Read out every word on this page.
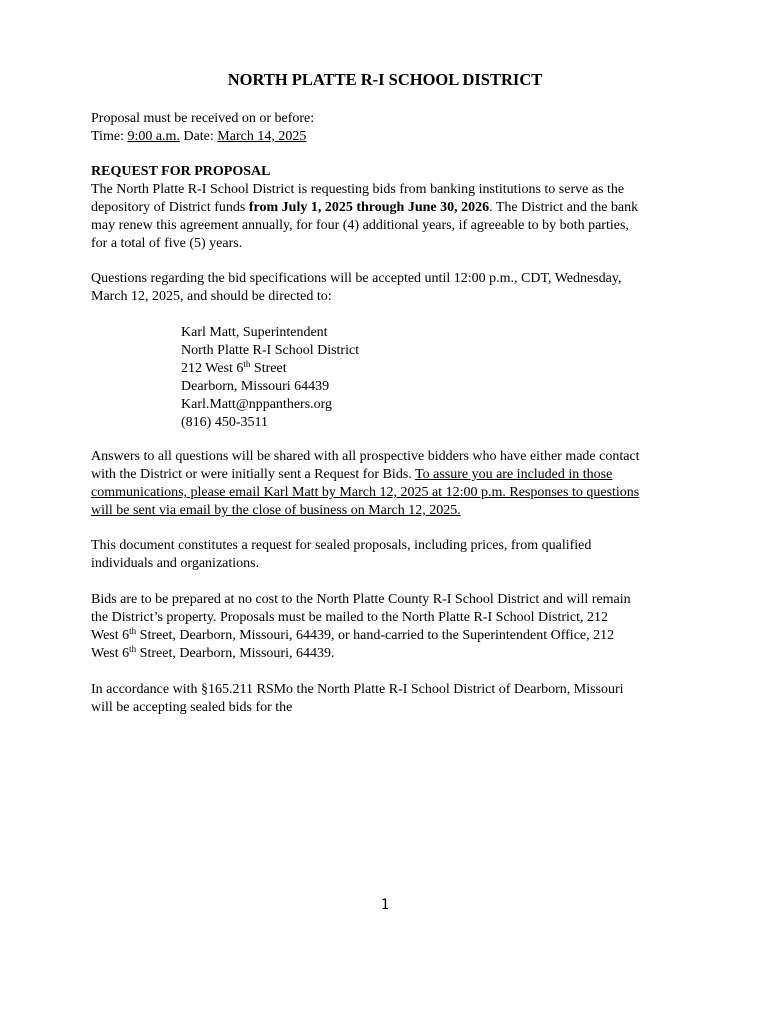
NORTH PLATTE R-I SCHOOL DISTRICT
Proposal must be received on or before:
Time: 9:00 a.m. Date: March 14, 2025
REQUEST FOR PROPOSAL
The North Platte R-I School District is requesting bids from banking institutions to serve as the
depository of District funds from July 1, 2025 through June 30, 2026. The District and the bank
may renew this agreement annually, for four (4) additional years, if agreeable to by both parties,
for a total of five (5) years.
Questions regarding the bid specifications will be accepted until 12:00 p.m., CDT, Wednesday,
March 12, 2025, and should be directed to:
Karl Matt, Superintendent
North Platte R-I School District
212 West 6th Street
Dearborn, Missouri 64439
Karl.Matt@nppanthers.org
(816) 450-3511
Answers to all questions will be shared with all prospective bidders who have either made contact
with the District or were initially sent a Request for Bids. To assure you are included in those
communications, please email Karl Matt by March 12, 2025 at 12:00 p.m. Responses to questions
will be sent via email by the close of business on March 12, 2025.
This document constitutes a request for sealed proposals, including prices, from qualified
individuals and organizations.
Bids are to be prepared at no cost to the North Platte County R-I School District and will remain
the District’s property. Proposals must be mailed to the North Platte R-I School District, 212
West 6th Street, Dearborn, Missouri, 64439, or hand-carried to the Superintendent Office, 212
West 6th Street, Dearborn, Missouri, 64439.
In accordance with §165.211 RSMo the North Platte R-I School District of Dearborn, Missouri
will be accepting sealed bids for the
1
